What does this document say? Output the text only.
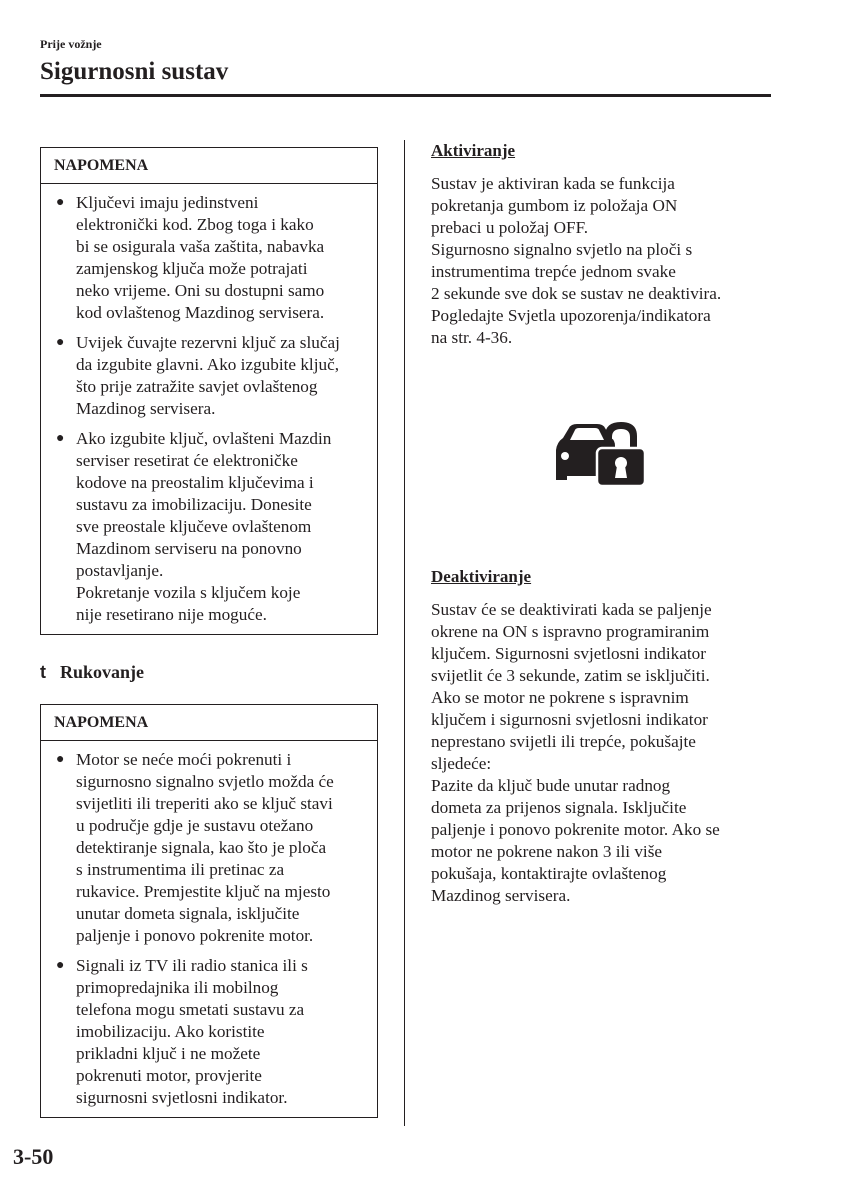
Prije vožnje
Sigurnosni sustav
NAPOMENA
● Ključevi imaju jedinstveni
elektronički kod. Zbog toga i kako
bi se osigurala vaša zaštita, nabavka
zamjenskog ključa može potrajati
neko vrijeme. Oni su dostupni samo
kod ovlaštenog Mazdinog servisera.
● Uvijek čuvajte rezervni ključ za slučaj
da izgubite glavni. Ako izgubite ključ,
što prije zatražite savjet ovlaštenog
Mazdinog servisera.
● Ako izgubite ključ, ovlašteni Mazdin
serviser resetirat će elektroničke
kodove na preostalim ključevima i
sustavu za imobilizaciju. Donesite
sve preostale ključeve ovlaštenom
Mazdinom serviseru na ponovno
postavljanje.
Pokretanje vozila s ključem koje
nije resetirano nije moguće.
t Rukovanje
NAPOMENA
● Motor se neće moći pokrenuti i
sigurnosno signalno svjetlo možda će
svijetliti ili treperiti ako se ključ stavi
u područje gdje je sustavu otežano
detektiranje signala, kao što je ploča
s instrumentima ili pretinac za
rukavice. Premjestite ključ na mjesto
unutar dometa signala, isključite
paljenje i ponovo pokrenite motor.
● Signali iz TV ili radio stanica ili s
primopredajnika ili mobilnog
telefona mogu smetati sustavu za
imobilizaciju. Ako koristite
prikladni ključ i ne možete
pokrenuti motor, provjerite
sigurnosni svjetlosni indikator.
Aktiviranje

Sustav je aktiviran kada se funkcija
pokretanja gumbom iz položaja ON
prebaci u položaj OFF.
Sigurnosno signalno svjetlo na ploči s
instrumentima trepće jednom svake
2 sekunde sve dok se sustav ne deaktivira.
Pogledajte Svjetla upozorenja/indikatora
na str. 4-36.

Deaktiviranje

Sustav će se deaktivirati kada se paljenje
okrene na ON s ispravno programiranim
ključem. Sigurnosni svjetlosni indikator
svijetlit će 3 sekunde, zatim se isključiti.
Ako se motor ne pokrene s ispravnim
ključem i sigurnosni svjetlosni indikator
neprestano svijetli ili trepće, pokušajte
sljedeće:
Pazite da ključ bude unutar radnog
dometa za prijenos signala. Isključite
paljenje i ponovo pokrenite motor. Ako se
motor ne pokrene nakon 3 ili više
pokušaja, kontaktirajte ovlaštenog
Mazdinog servisera.

3-50
